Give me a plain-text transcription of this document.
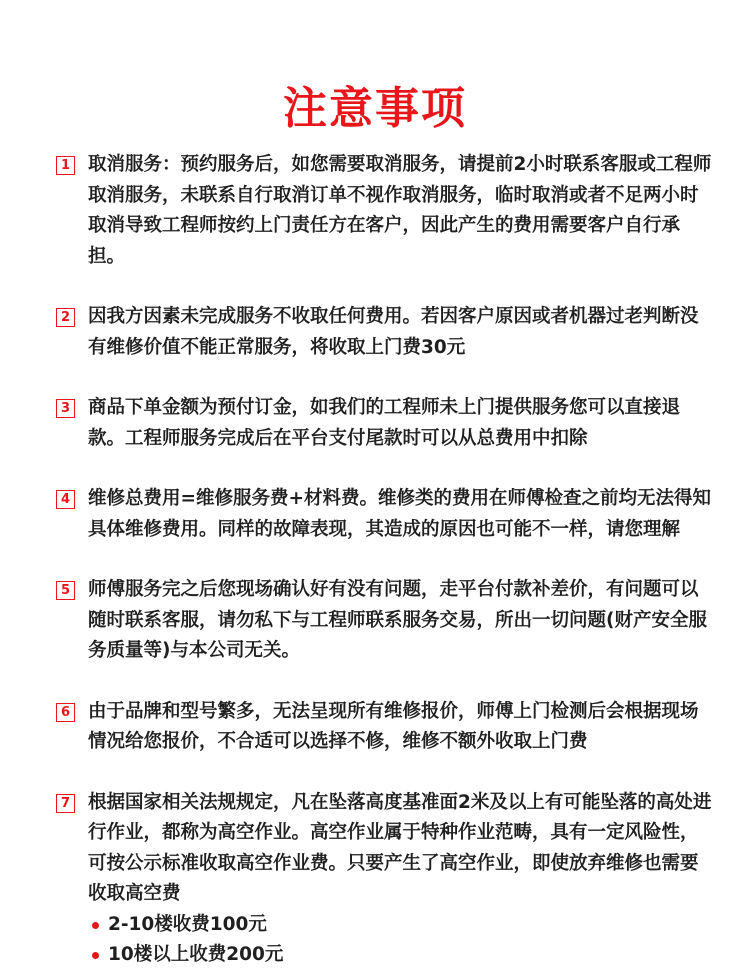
注意事项
1 取消服务：预约服务后，如您需要取消服务，请提前2小时联系客服或工程师取消服务，未联系自行取消订单不视作取消服务，临时取消或者不足两小时取消导致工程师按约上门责任方在客户，因此产生的费用需要客户自行承担。
2 因我方因素未完成服务不收取任何费用。若因客户原因或者机器过老判断没有维修价值不能正常服务，将收取上门费30元
3 商品下单金额为预付订金，如我们的工程师未上门提供服务您可以直接退款。工程师服务完成后在平台支付尾款时可以从总费用中扣除
4 维修总费用=维修服务费+材料费。维修类的费用在师傅检查之前均无法得知具体维修费用。同样的故障表现，其造成的原因也可能不一样，请您理解
5 师傅服务完之后您现场确认好有没有问题，走平台付款补差价，有问题可以随时联系客服，请勿私下与工程师联系服务交易，所出一切问题(财产安全服务质量等)与本公司无关。
6 由于品牌和型号繁多，无法呈现所有维修报价，师傅上门检测后会根据现场情况给您报价，不合适可以选择不修，维修不额外收取上门费
7 根据国家相关法规规定，凡在坠落高度基准面2米及以上有可能坠落的高处进行作业，都称为高空作业。高空作业属于特种作业范畴，具有一定风险性，可按公示标准收取高空作业费。只要产生了高空作业，即使放弃维修也需要收取高空费
2-10楼收费100元
10楼以上收费200元
